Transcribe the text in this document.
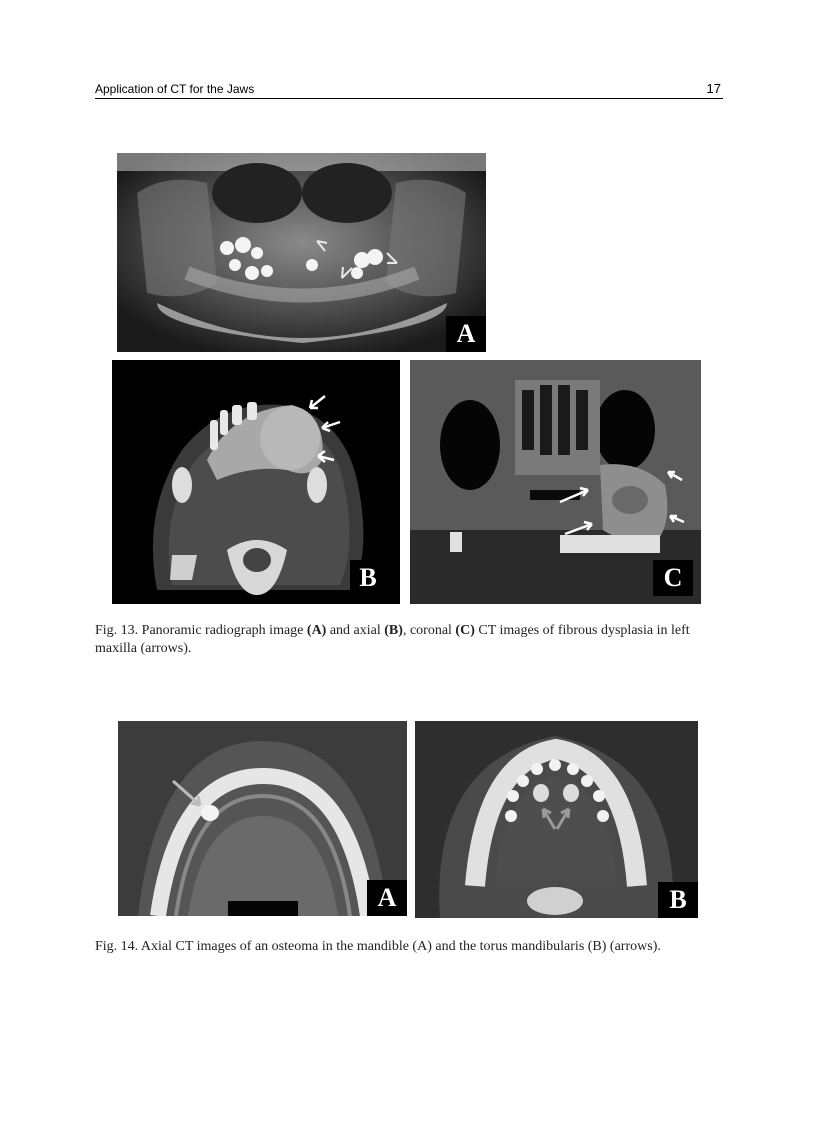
Application of CT for the Jaws	17
A
B	C
Fig. 13. Panoramic radiograph image (A) and axial (B), coronal (C) CT images of fibrous dysplasia in left maxilla (arrows).
A	B
Fig. 14. Axial CT images of an osteoma in the mandible (A) and the torus mandibularis (B) (arrows).
